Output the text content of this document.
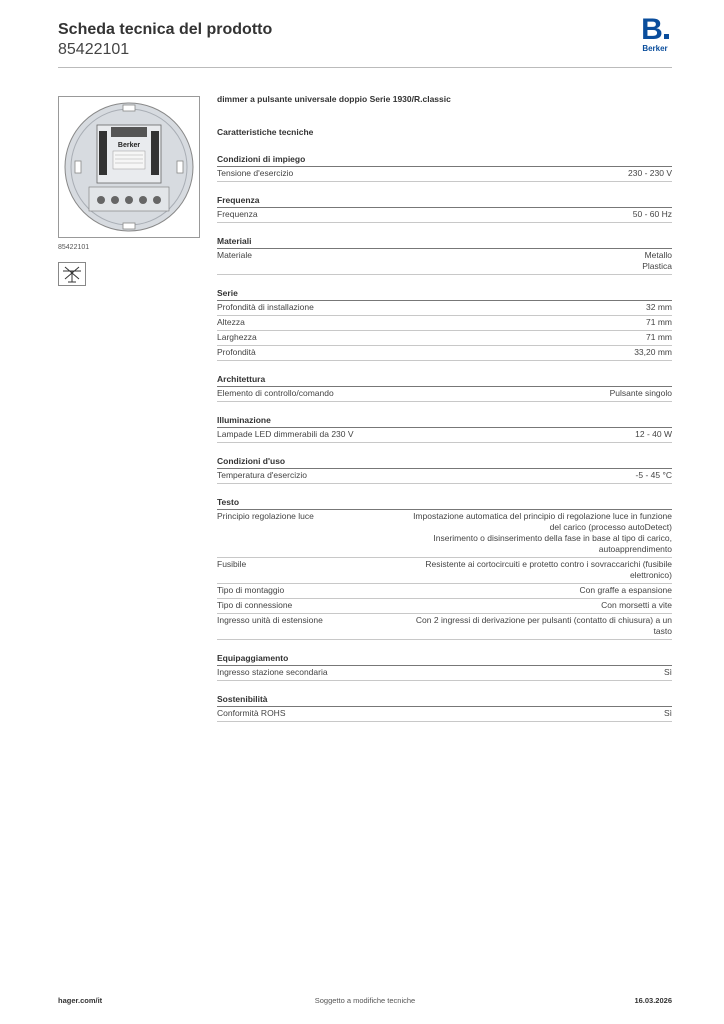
Scheda tecnica del prodotto
85422101
B
Berker
Berker
85422101
dimmer a pulsante universale doppio Serie 1930/R.classic
Caratteristiche tecniche
Condizioni di impiego
Tensione d'esercizio	230 - 230 V
Frequenza
Frequenza	50 - 60 Hz
Materiali
Materiale	Metallo
Plastica
Serie
Profondità di installazione	32 mm
Altezza	71 mm
Larghezza	71 mm
Profondità	33,20 mm
Architettura
Elemento di controllo/comando	Pulsante singolo
Illuminazione
Lampade LED dimmerabili da 230 V	12 - 40 W
Condizioni d'uso
Temperatura d'esercizio	-5 - 45 °C
Testo
Principio regolazione luce	Impostazione automatica del principio di regolazione luce in funzione
del carico (processo autoDetect)
Inserimento o disinserimento della fase in base al tipo di carico,
autoapprendimento
Fusibile	Resistente ai cortocircuiti e protetto contro i sovraccarichi (fusibile
elettronico)
Tipo di montaggio	Con graffe a espansione
Tipo di connessione	Con morsetti a vite
Ingresso unità di estensione	Con 2 ingressi di derivazione per pulsanti (contatto di chiusura) a un
tasto
Equipaggiamento
Ingresso stazione secondaria	Sì
Sostenibilità
Conformità ROHS	Sì
hager.com/it	Soggetto a modifiche tecniche	16.03.2026
